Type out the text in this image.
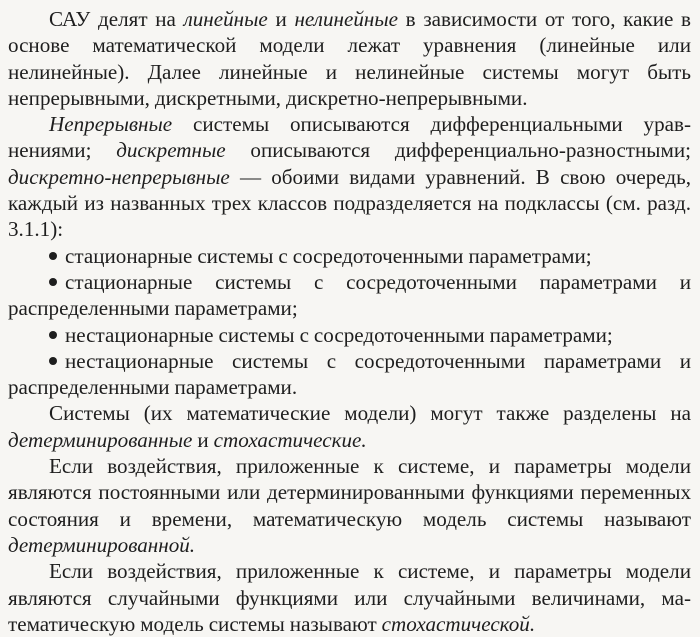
САУ делят на линейные и нелинейные в зависимости от того, какие в основе математической модели лежат уравнения (линейные или нелинейные). Далее линейные и нелинейные системы могут быть непрерывными, дискретными, дискретно-непрерывными.

Непрерывные системы описываются дифференциальными уравнениями; дискретные описываются дифференциально-разностными; дискретно-непрерывные — обоими видами уравнений. В свою очередь, каждый из названных трех классов подразделяется на подклассы (см. разд. 3.1.1):

стационарные системы с сосредоточенными параметрами;

стационарные системы с сосредоточенными параметрами и распределенными параметрами;

нестационарные системы с сосредоточенными параметрами;

нестационарные системы с сосредоточенными параметрами и распределенными параметрами.

Системы (их математические модели) могут также разделены на детерминированные и стохастические.

Если воздействия, приложенные к системе, и параметры модели являются постоянными или детерминированными функциями переменных состояния и времени, математическую модель системы называют детерминированной.

Если воздействия, приложенные к системе, и параметры модели являются случайными функциями или случайными величинами, математическую модель системы называют стохастической.
